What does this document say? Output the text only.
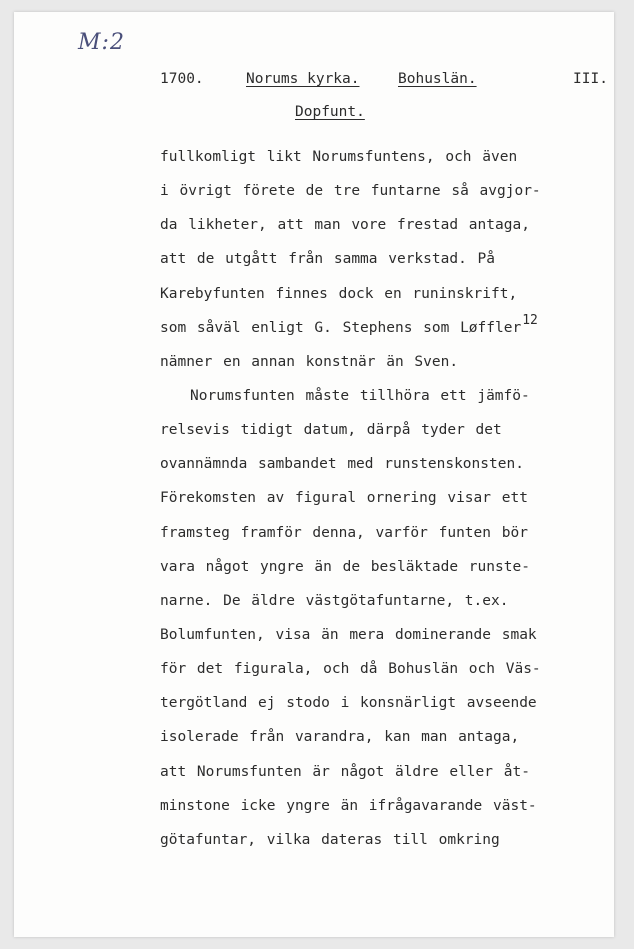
M:2
1700.	Norums kyrka.	Bohuslän.	III.
Dopfunt.
fullkomligt likt Norumsfuntens, och även
i övrigt förete de tre funtarne så avgjor-
da likheter, att man vore frestad antaga,
att de utgått från samma verkstad. På
Karebyfunten finnes dock en runinskrift,
som såväl enligt G. Stephens som Løffler12
nämner en annan konstnär än Sven.
Norumsfunten måste tillhöra ett jämfö-
relsevis tidigt datum, därpå tyder det
ovannämnda sambandet med runstenskonsten.
Förekomsten av figural ornering visar ett
framsteg framför denna, varför funten bör
vara något yngre än de besläktade runste-
narne. De äldre västgötafuntarne, t.ex.
Bolumfunten, visa än mera dominerande smak
för det figurala, och då Bohuslän och Väs-
tergötland ej stodo i konsnärligt avseende
isolerade från varandra, kan man antaga,
att Norumsfunten är något äldre eller åt-
minstone icke yngre än ifrågavarande väst-
götafuntar, vilka dateras till omkring
